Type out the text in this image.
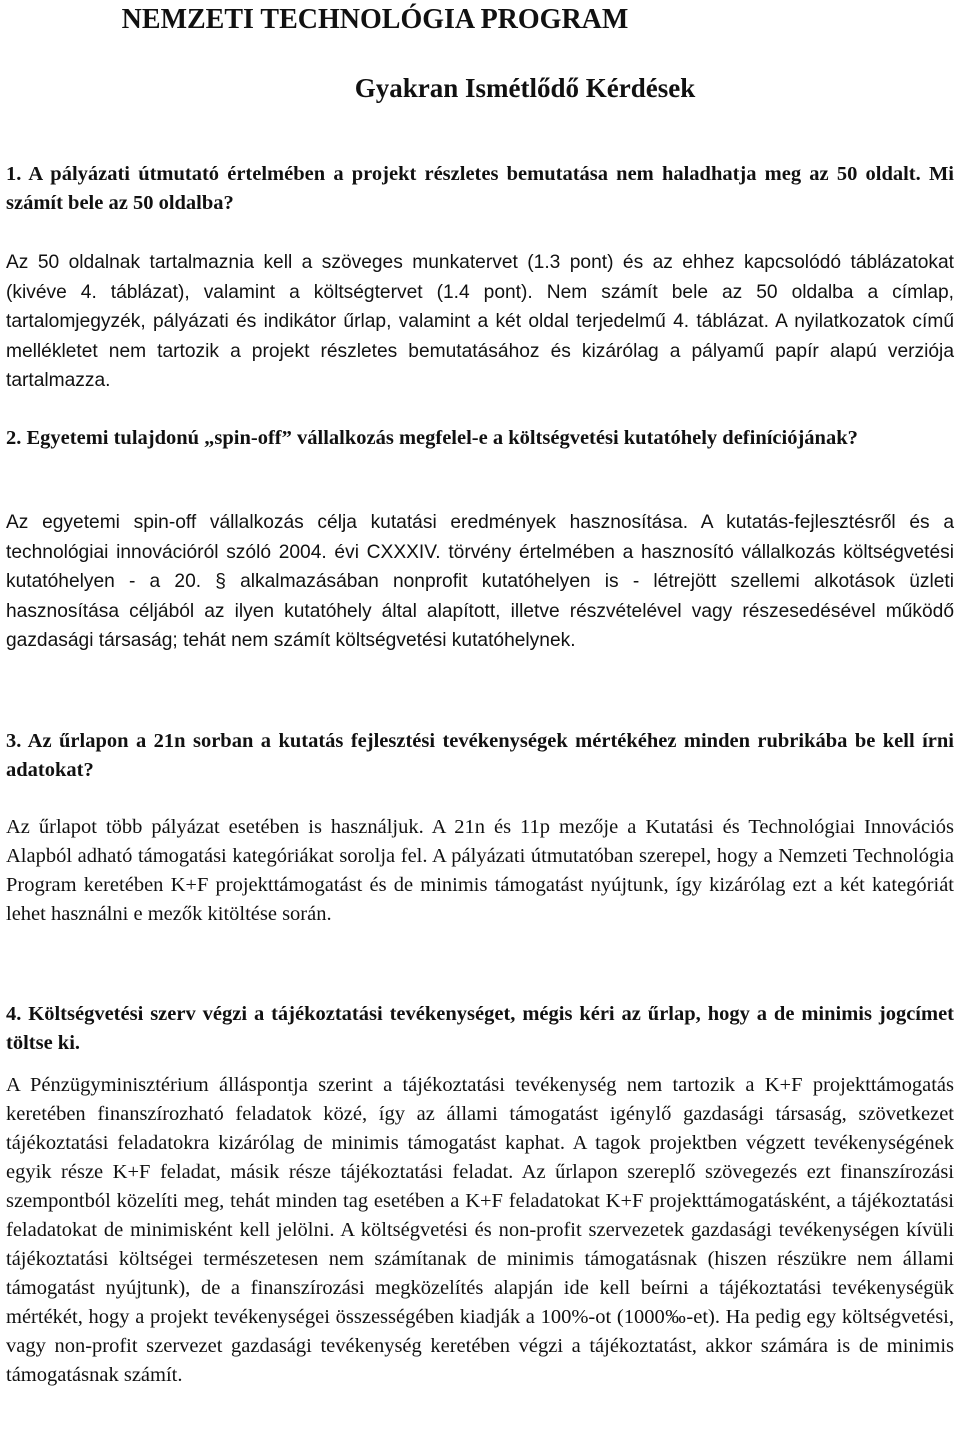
NEMZETI TECHNOLÓGIA PROGRAM
Gyakran Ismétlődő Kérdések

1. A pályázati útmutató értelmében a projekt részletes bemutatása nem haladhatja meg az 50 oldalt. Mi számít bele az 50 oldalba?

Az 50 oldalnak tartalmaznia kell a szöveges munkatervet (1.3 pont) és az ehhez kapcsolódó táblázatokat (kivéve 4. táblázat), valamint a költségtervet (1.4 pont). Nem számít bele az 50 oldalba a címlap, tartalomjegyzék, pályázati és indikátor űrlap, valamint a két oldal terjedelmű 4. táblázat. A nyilatkozatok című mellékletet nem tartozik a projekt részletes bemutatásához és kizárólag a pályamű papír alapú verziója tartalmazza.

2. Egyetemi tulajdonú „spin-off” vállalkozás megfelel-e a költségvetési kutatóhely definíciójának?

Az egyetemi spin-off vállalkozás célja kutatási eredmények hasznosítása. A kutatás-fejlesztésről és a technológiai innovációról szóló 2004. évi CXXXIV. törvény értelmében a hasznosító vállalkozás költségvetési kutatóhelyen - a 20. § alkalmazásában nonprofit kutatóhelyen is - létrejött szellemi alkotások üzleti hasznosítása céljából az ilyen kutatóhely által alapított, illetve részvételével vagy részesedésével működő gazdasági társaság; tehát nem számít költségvetési kutatóhelynek.

3. Az űrlapon a 21n sorban a kutatás fejlesztési tevékenységek mértékéhez minden rubrikába be kell írni adatokat?

Az űrlapot több pályázat esetében is használjuk. A 21n és 11p mezője a Kutatási és Technológiai Innovációs Alapból adható támogatási kategóriákat sorolja fel. A pályázati útmutatóban szerepel, hogy a Nemzeti Technológia Program keretében K+F projekttámogatást és de minimis támogatást nyújtunk, így kizárólag ezt a két kategóriát lehet használni e mezők kitöltése során.

4. Költségvetési szerv végzi a tájékoztatási tevékenységet, mégis kéri az űrlap, hogy a de minimis jogcímet töltse ki.

A Pénzügyminisztérium álláspontja szerint a tájékoztatási tevékenység nem tartozik a K+F projekttámogatás keretében finanszírozható feladatok közé, így az állami támogatást igénylő gazdasági társaság, szövetkezet tájékoztatási feladatokra kizárólag de minimis támogatást kaphat. A tagok projektben végzett tevékenységének egyik része K+F feladat, másik része tájékoztatási feladat. Az űrlapon szereplő szövegezés ezt finanszírozási szempontból közelíti meg, tehát minden tag esetében a K+F feladatokat K+F projekttámogatásként, a tájékoztatási feladatokat de minimisként kell jelölni. A költségvetési és non-profit szervezetek gazdasági tevékenységen kívüli tájékoztatási költségei természetesen nem számítanak de minimis támogatásnak (hiszen részükre nem állami támogatást nyújtunk), de a finanszírozási megközelítés alapján ide kell beírni a tájékoztatási tevékenységük mértékét, hogy a projekt tevékenységei összességében kiadják a 100%-ot (1000‰-et). Ha pedig egy költségvetési, vagy non-profit szervezet gazdasági tevékenység keretében végzi a tájékoztatást, akkor számára is de minimis támogatásnak számít.
